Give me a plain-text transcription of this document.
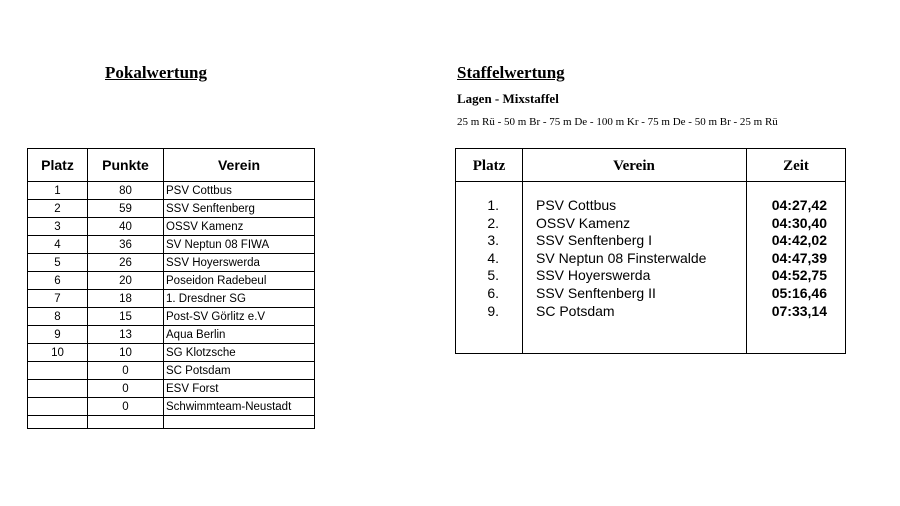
Pokalwertung
Platz	Punkte	Verein
1	80	PSV Cottbus
2	59	SSV Senftenberg
3	40	OSSV Kamenz
4	36	SV Neptun 08 FIWA
5	26	SSV Hoyerswerda
6	20	Poseidon Radebeul
7	18	1. Dresdner SG
8	15	Post-SV Görlitz e.V
9	13	Aqua Berlin
10	10	SG Klotzsche
	0	SC Potsdam
	0	ESV Forst
	0	Schwimmteam-Neustadt

Staffelwertung
Lagen - Mixstaffel
25 m Rü - 50 m Br - 75 m De - 100 m Kr - 75 m De - 50 m Br - 25 m Rü
Platz	Verein	Zeit
1.	PSV Cottbus	04:27,42
2.	OSSV Kamenz	04:30,40
3.	SSV Senftenberg I	04:42,02
4.	SV Neptun 08 Finsterwalde	04:47,39
5.	SSV Hoyerswerda	04:52,75
6.	SSV Senftenberg II	05:16,46
9.	SC Potsdam	07:33,14
